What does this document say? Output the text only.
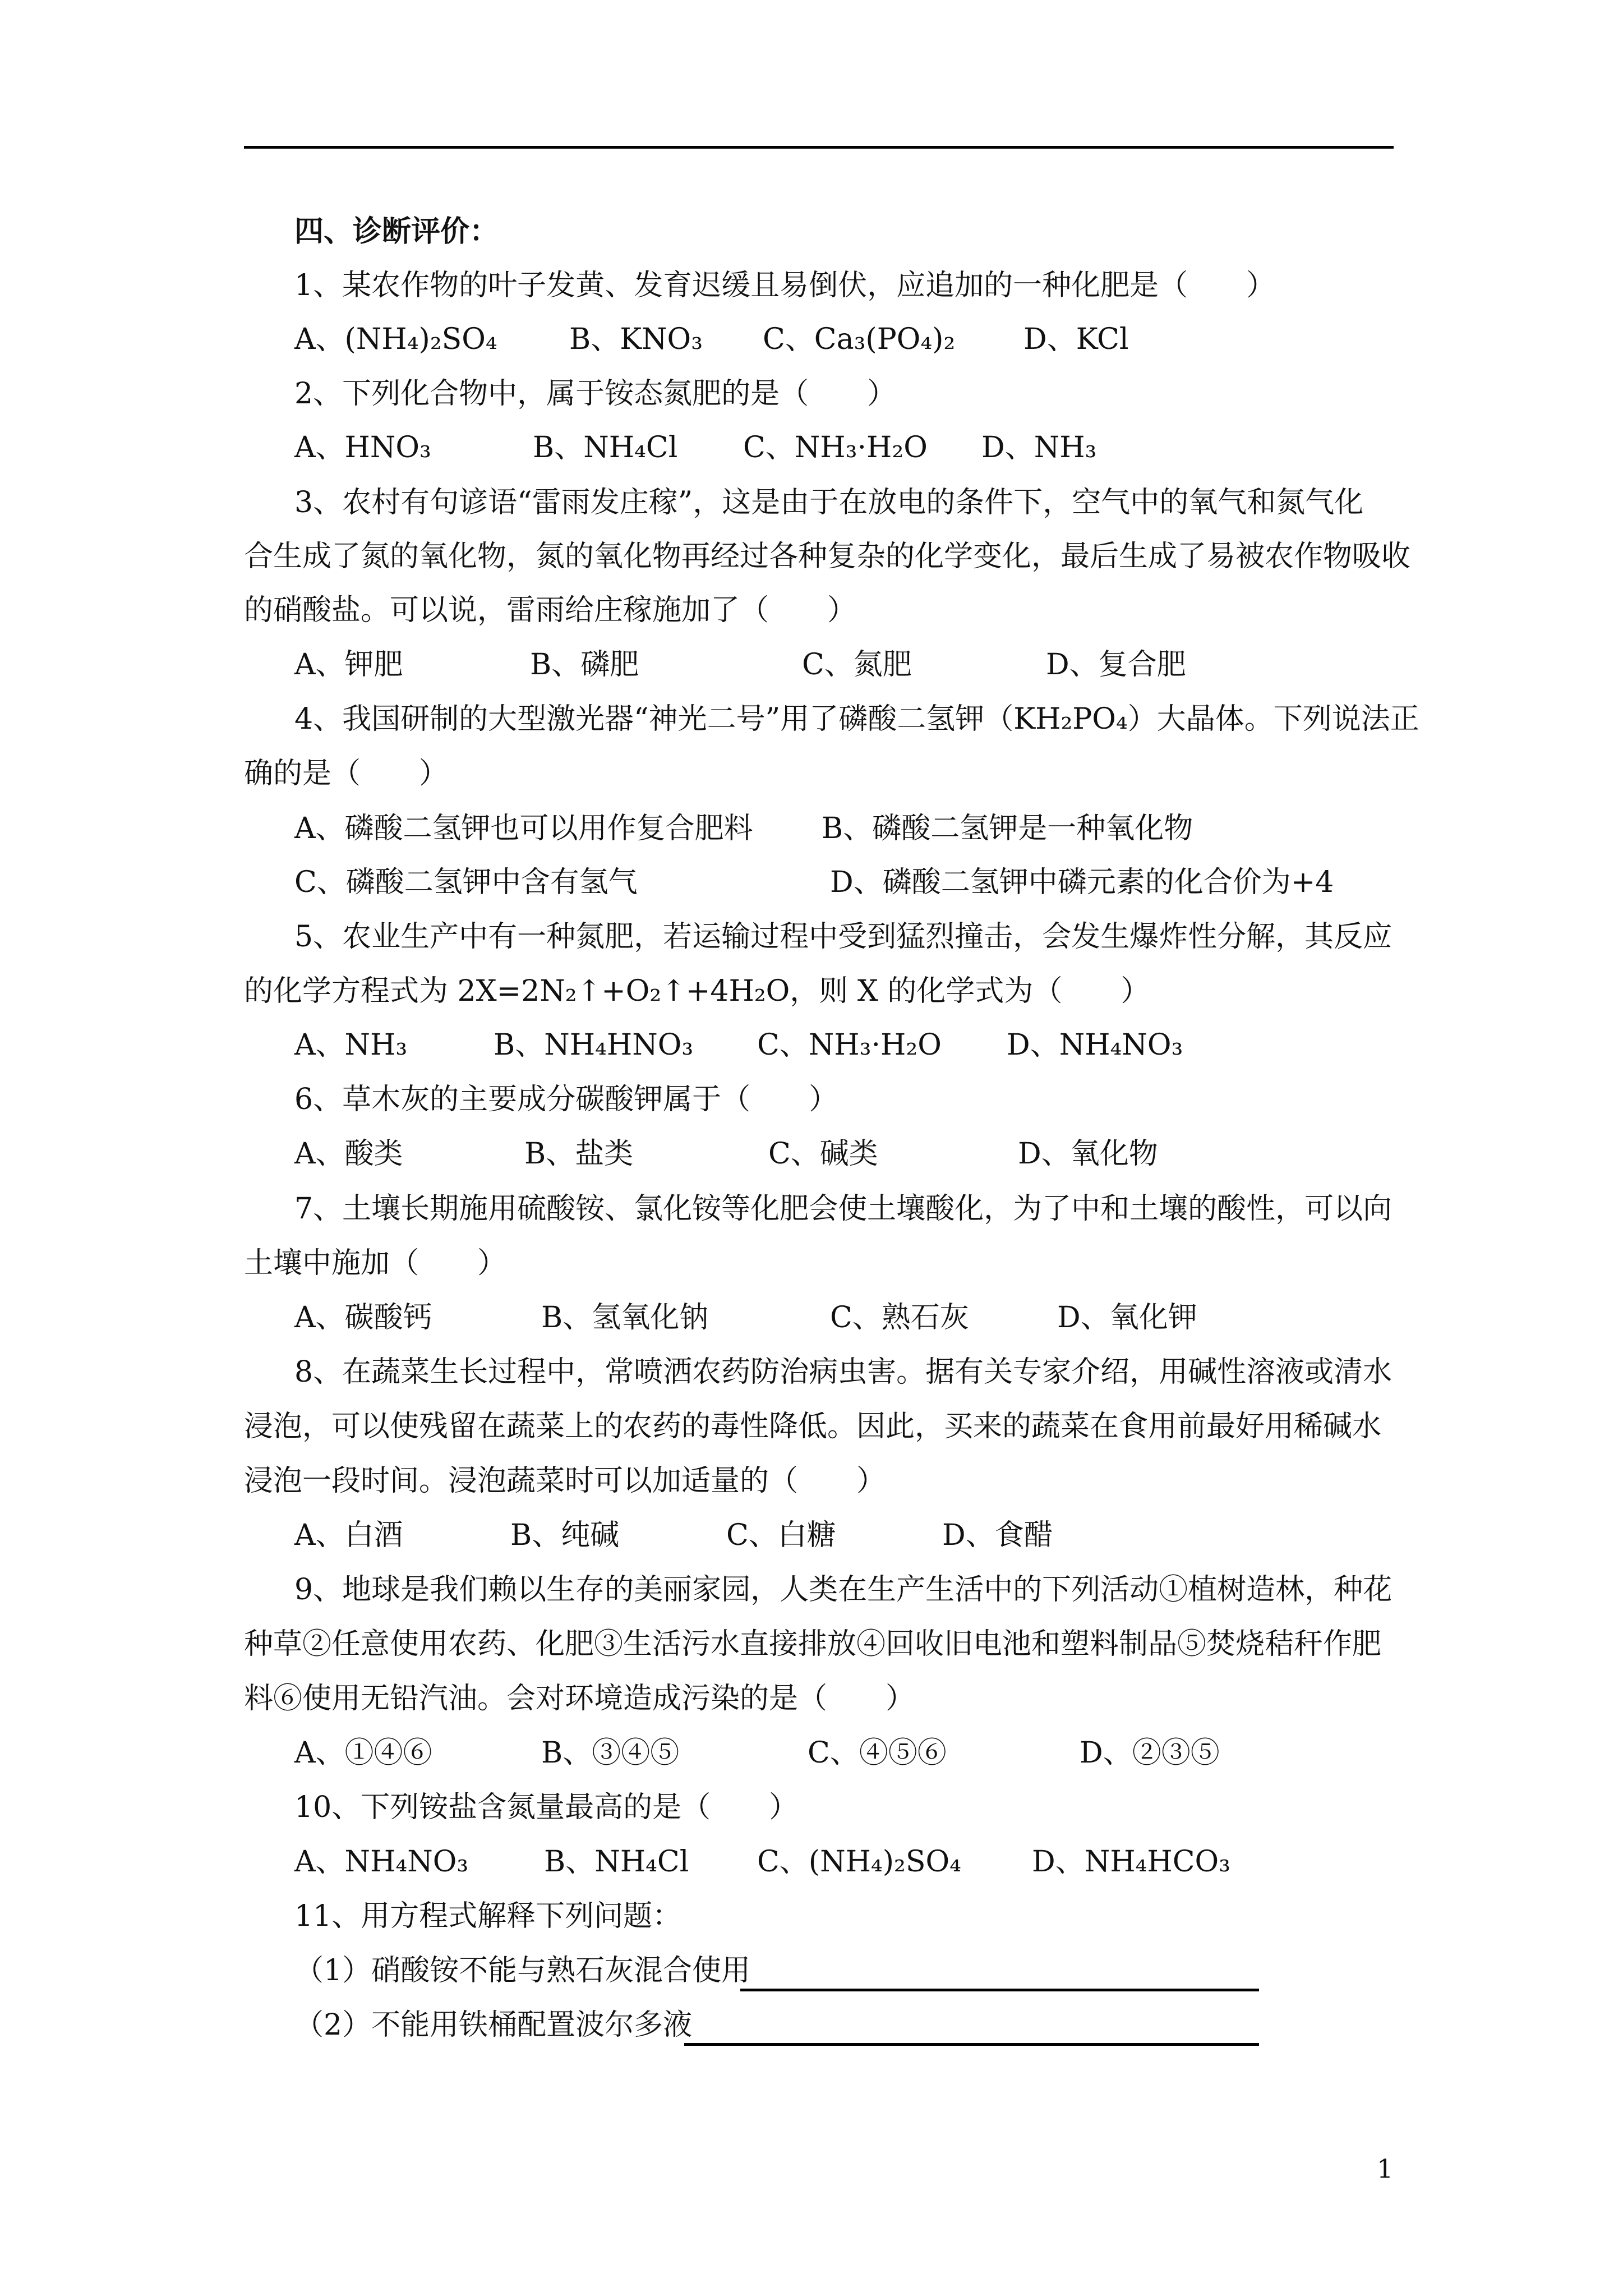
四、诊断评价：
1、某农作物的叶子发黄、发育迟缓且易倒伏，应追加的一种化肥是（　　）
A、(NH₄)₂SO₄ B、KNO₃ C、Ca₃(PO₄)₂ D、KCl
2、下列化合物中，属于铵态氮肥的是（　　）
A、HNO₃	B、NH₄Cl C、NH₃·H₂O D、NH₃
3、农村有句谚语“雷雨发庄稼”，这是由于在放电的条件下，空气中的氧气和氮气化
合生成了氮的氧化物，氮的氧化物再经过各种复杂的化学变化，最后生成了易被农作物吸收
的硝酸盐。可以说，雷雨给庄稼施加了（　　）
A、钾肥	B、磷肥	C、氮肥	D、复合肥
4、我国研制的大型激光器“神光二号”用了磷酸二氢钾（KH₂PO₄）大晶体。下列说法正
确的是（　　）
A、磷酸二氢钾也可以用作复合肥料 B、磷酸二氢钾是一种氧化物
C、磷酸二氢钾中含有氢气	D、磷酸二氢钾中磷元素的化合价为+4
5、农业生产中有一种氮肥，若运输过程中受到猛烈撞击，会发生爆炸性分解，其反应
的化学方程式为 2X=2N₂↑+O₂↑+4H₂O，则 X 的化学式为（　　）
A、NH₃	B、NH₄HNO₃ C、NH₃·H₂O D、NH₄NO₃
6、草木灰的主要成分碳酸钾属于（　　）
A、酸类	B、盐类	C、碱类	D、氧化物
7、土壤长期施用硫酸铵、氯化铵等化肥会使土壤酸化，为了中和土壤的酸性，可以向
土壤中施加（　　）
A、碳酸钙	B、氢氧化钠	C、熟石灰	D、氧化钾
8、在蔬菜生长过程中，常喷洒农药防治病虫害。据有关专家介绍，用碱性溶液或清水
浸泡，可以使残留在蔬菜上的农药的毒性降低。因此，买来的蔬菜在食用前最好用稀碱水
浸泡一段时间。浸泡蔬菜时可以加适量的（　　）
A、白酒	B、纯碱	C、白糖	D、食醋
9、地球是我们赖以生存的美丽家园，人类在生产生活中的下列活动①植树造林，种花
种草②任意使用农药、化肥③生活污水直接排放④回收旧电池和塑料制品⑤焚烧秸秆作肥
料⑥使用无铅汽油。会对环境造成污染的是（　　）
A、①④⑥	B、③④⑤	C、④⑤⑥	D、②③⑤
10、下列铵盐含氮量最高的是（　　）
A、NH₄NO₃	B、NH₄Cl C、(NH₄)₂SO₄ D、NH₄HCO₃
11、用方程式解释下列问题：
（1）硝酸铵不能与熟石灰混合使用
（2）不能用铁桶配置波尔多液
1
